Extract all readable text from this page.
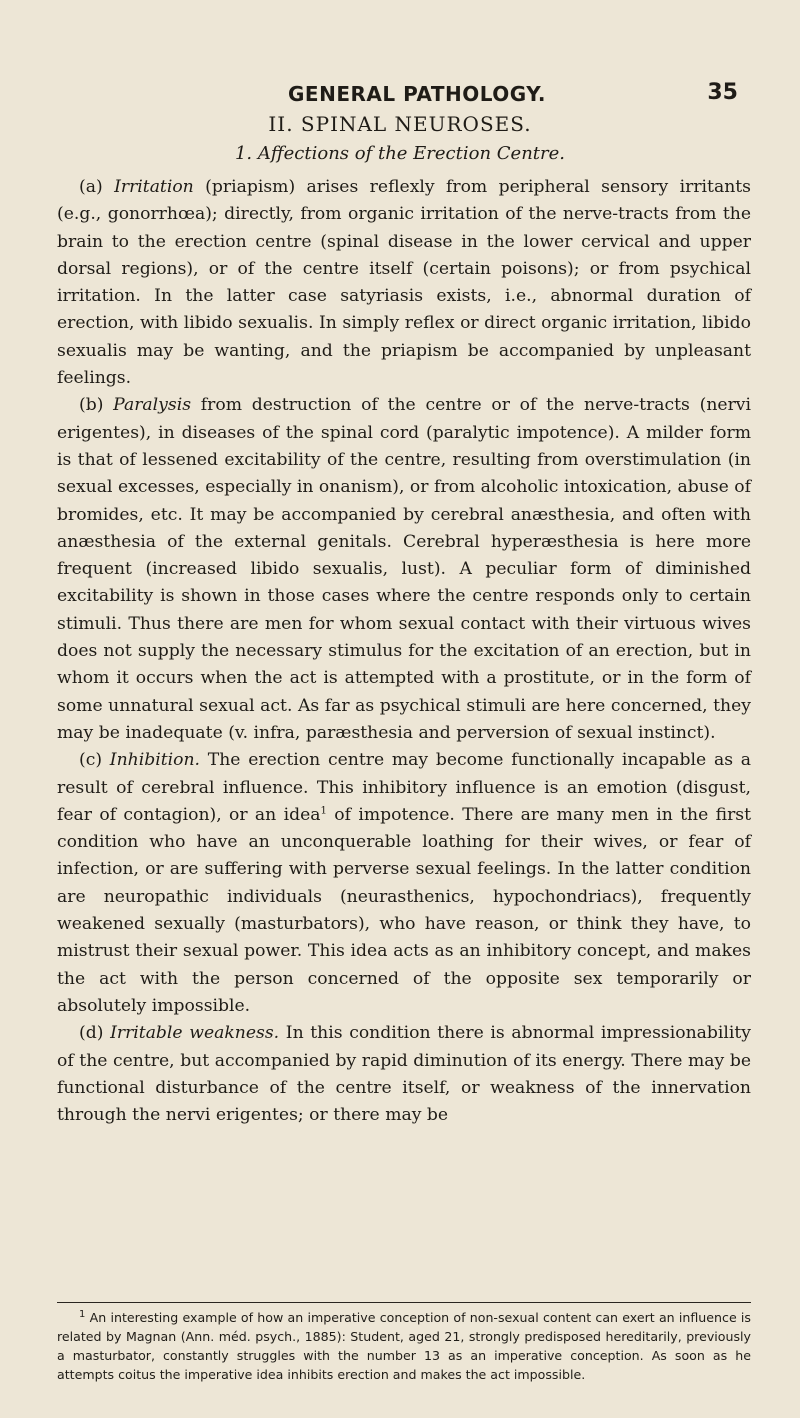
GENERAL PATHOLOGY.	35
II. SPINAL NEUROSES.
1. Affections of the Erection Centre.

(a) Irritation (priapism) arises reflexly from peripheral sensory irritants (e.g., gonorrhœa); directly, from organic irritation of the nerve-tracts from the brain to the erection centre (spinal disease in the lower cervical and upper dorsal regions), or of the centre itself (certain poisons); or from psychical irritation. In the latter case satyriasis exists, i.e., abnormal duration of erection, with libido sexualis. In simply reflex or direct organic irritation, libido sexualis may be wanting, and the priapism be accompanied by unpleasant feelings.

(b) Paralysis from destruction of the centre or of the nerve-tracts (nervi erigentes), in diseases of the spinal cord (paralytic impotence). A milder form is that of lessened excitability of the centre, resulting from overstimulation (in sexual excesses, especially in onanism), or from alcoholic intoxication, abuse of bromides, etc. It may be accompanied by cerebral anæsthesia, and often with anæsthesia of the external genitals. Cerebral hyperæsthesia is here more frequent (increased libido sexualis, lust). A peculiar form of diminished excitability is shown in those cases where the centre responds only to certain stimuli. Thus there are men for whom sexual contact with their virtuous wives does not supply the necessary stimulus for the excitation of an erection, but in whom it occurs when the act is attempted with a prostitute, or in the form of some unnatural sexual act. As far as psychical stimuli are here concerned, they may be inadequate (v. infra, paræsthesia and perversion of sexual instinct).

(c) Inhibition. The erection centre may become functionally incapable as a result of cerebral influence. This inhibitory influence is an emotion (disgust, fear of contagion), or an idea$^1$ of impotence. There are many men in the first condition who have an unconquerable loathing for their wives, or fear of infection, or are suffering with perverse sexual feelings. In the latter condition are neuropathic individuals (neurasthenics, hypochondriacs), frequently weakened sexually (masturbators), who have reason, or think they have, to mistrust their sexual power. This idea acts as an inhibitory concept, and makes the act with the person concerned of the opposite sex temporarily or absolutely impossible.

(d) Irritable weakness. In this condition there is abnormal impressionability of the centre, but accompanied by rapid diminution of its energy. There may be functional disturbance of the centre itself, or weakness of the innervation through the nervi erigentes; or there may be

$^1$ An interesting example of how an imperative conception of non-sexual content can exert an influence is related by Magnan (Ann. méd. psych., 1885): Student, aged 21, strongly predisposed hereditarily, previously a masturbator, constantly struggles with the number 13 as an imperative conception. As soon as he attempts coitus the imperative idea inhibits erection and makes the act impossible.
